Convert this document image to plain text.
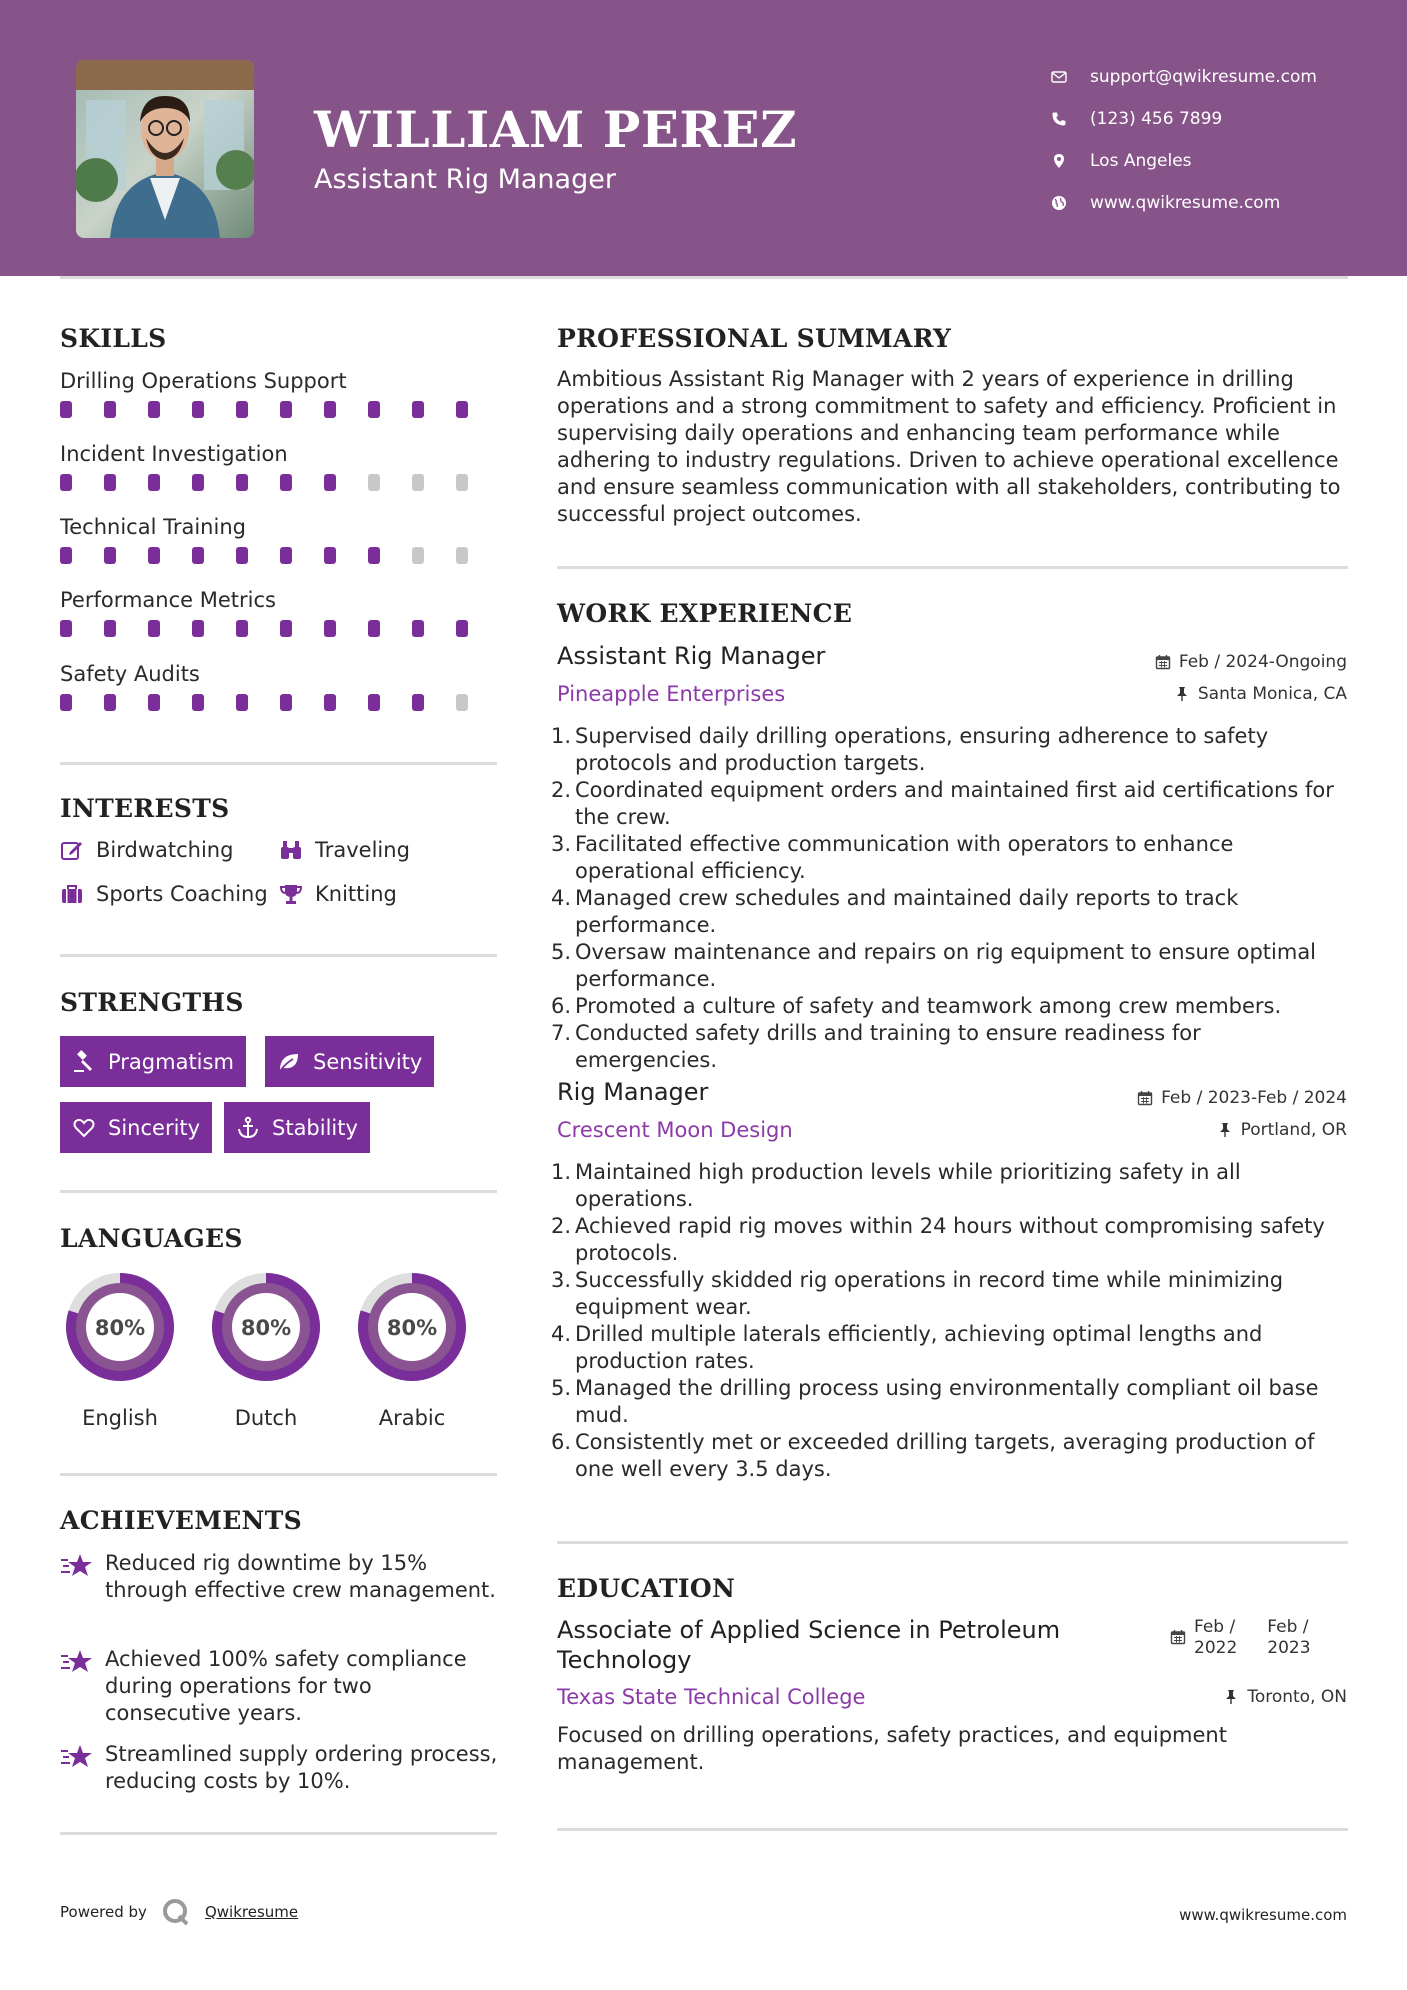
WILLIAM PEREZ
Assistant Rig Manager
support@qwikresume.com
(123) 456 7899
Los Angeles
www.qwikresume.com
SKILLS
Drilling Operations Support
Incident Investigation
Technical Training
Performance Metrics
Safety Audits
INTERESTS
Birdwatching	Traveling
Sports Coaching Knitting
STRENGTHS
Pragmatism	Sensitivity
Sincerity	Stability
LANGUAGES
80%
English
80%
Dutch
80%
Arabic
ACHIEVEMENTS
Reduced rig downtime by 15% through effective crew management.
Achieved 100% safety compliance during operations for two consecutive years.
Streamlined supply ordering process, reducing costs by 10%.
PROFESSIONAL SUMMARY
Ambitious Assistant Rig Manager with 2 years of experience in drilling operations and a strong commitment to safety and efficiency. Proficient in supervising daily operations and enhancing team performance while adhering to industry regulations. Driven to achieve operational excellence and ensure seamless communication with all stakeholders, contributing to successful project outcomes.
WORK EXPERIENCE
Assistant Rig Manager	Feb / 2024-Ongoing
Pineapple Enterprises	Santa Monica, CA
1. Supervised daily drilling operations, ensuring adherence to safety protocols and production targets.
2. Coordinated equipment orders and maintained first aid certifications for the crew.
3. Facilitated effective communication with operators to enhance operational efficiency.
4. Managed crew schedules and maintained daily reports to track performance.
5. Oversaw maintenance and repairs on rig equipment to ensure optimal performance.
6. Promoted a culture of safety and teamwork among crew members.
7. Conducted safety drills and training to ensure readiness for emergencies.
Rig Manager	Feb / 2023-Feb / 2024
Crescent Moon Design	Portland, OR
1. Maintained high production levels while prioritizing safety in all operations.
2. Achieved rapid rig moves within 24 hours without compromising safety protocols.
3. Successfully skidded rig operations in record time while minimizing equipment wear.
4. Drilled multiple laterals efficiently, achieving optimal lengths and production rates.
5. Managed the drilling process using environmentally compliant oil base mud.
6. Consistently met or exceeded drilling targets, averaging production of one well every 3.5 days.
EDUCATION
Associate of Applied Science in Petroleum Technology
Feb /
2022
Feb /
2023
Texas State Technical College	Toronto, ON
Focused on drilling operations, safety practices, and equipment management.
Powered by	Qwikresume	www.qwikresume.com
